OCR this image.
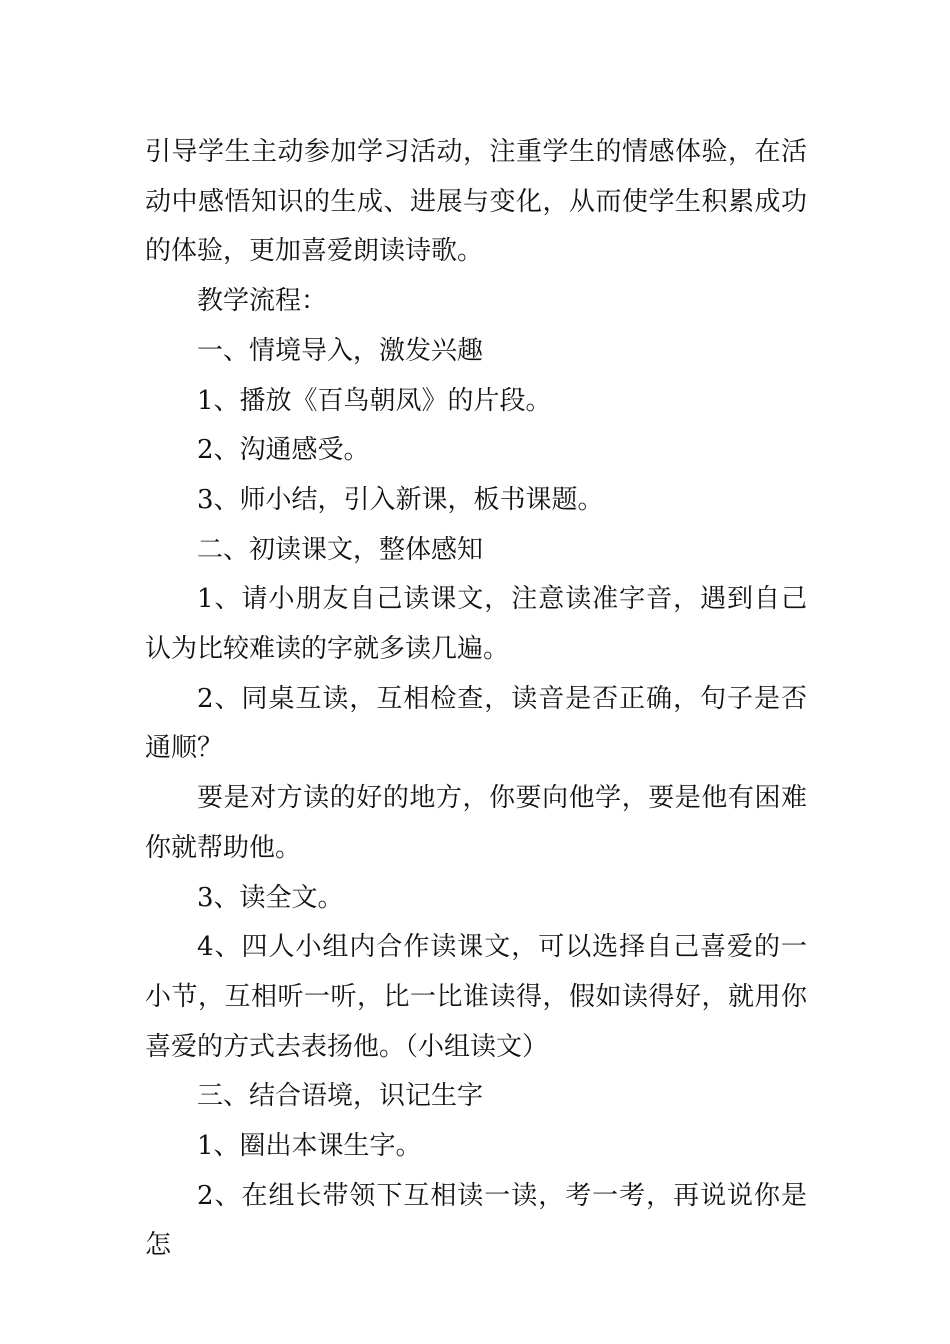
引导学生主动参加学习活动，注重学生的情感体验，在活动中感悟知识的生成、进展与变化，从而使学生积累成功的体验，更加喜爱朗读诗歌。

教学流程：

一、情境导入，激发兴趣

1、播放《百鸟朝凤》的片段。

2、沟通感受。

3、师小结，引入新课，板书课题。

二、初读课文，整体感知

1、请小朋友自己读课文，注意读准字音，遇到自己认为比较难读的字就多读几遍。

2、同桌互读，互相检查，读音是否正确，句子是否通顺？

要是对方读的好的地方，你要向他学，要是他有困难你就帮助他。

3、读全文。

4、四人小组内合作读课文，可以选择自己喜爱的一小节，互相听一听，比一比谁读得，假如读得好，就用你喜爱的方式去表扬他。（小组读文）

三、结合语境，识记生字

1、圈出本课生字。

2、在组长带领下互相读一读，考一考，再说说你是怎
